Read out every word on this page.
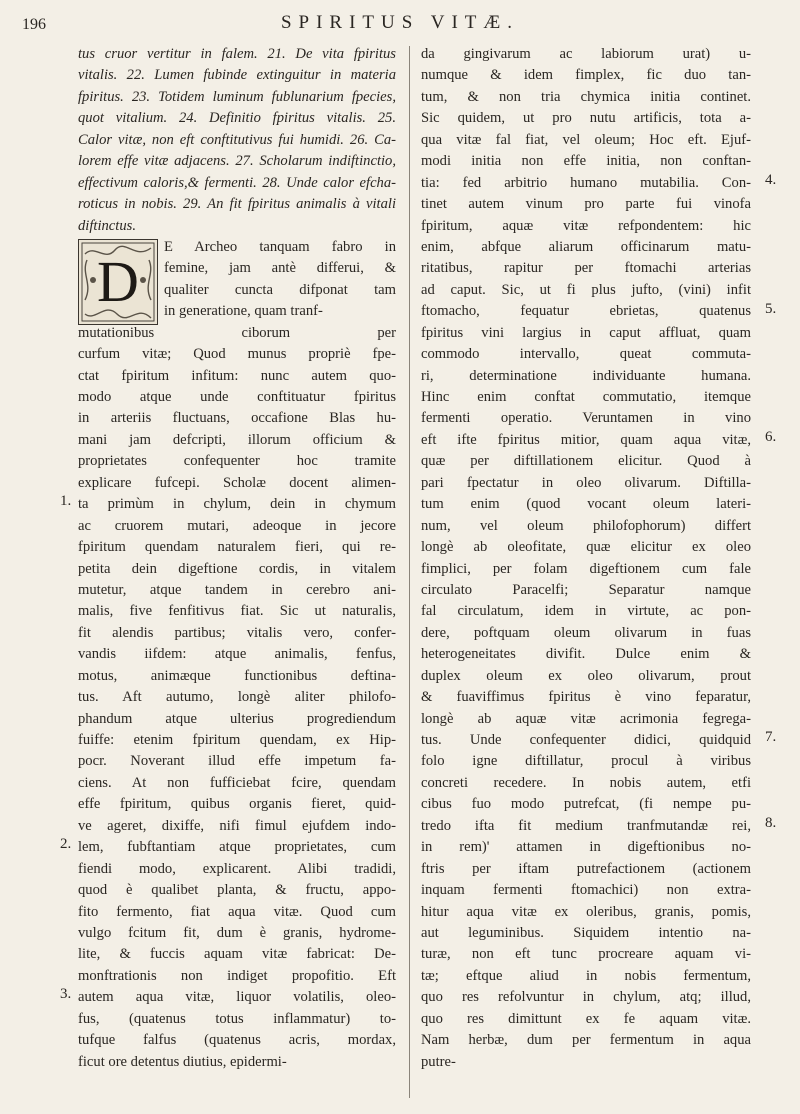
196	SPIRITUS VITÆ.
tus cruor vertitur in falem. 21. De vita fpiritus
vitalis. 22. Lumen fubinde extinguitur in materia
fpiritus. 23. Totidem luminum fublunarium fpecies,
quot vitalium. 24. Definitio fpiritus vitalis. 25.
Calor vitæ, non eft conftitutivus fui humidi. 26. Ca-
lorem effe vitæ adjacens. 27. Scholarum indiftinctio,
effectivum caloris,& fermenti. 28. Unde calor efcha-
roticus in nobis. 29. An fit fpiritus animalis à vitali
diftinctus.
D
E Archeo tanquam fabro in
femine, jam antè differui, &
qualiter cuncta difponat tam
in generatione, quam tranf-
mutationibus ciborum per
curfum vitæ; Quod munus propriè fpe-
ctat fpiritum infitum: nunc autem quo-
modo atque unde conftituatur fpiritus
in arteriis fluctuans, occafione Blas hu-
mani jam defcripti, illorum officium &
proprietates confequenter hoc tramite
explicare fufcepi. Scholæ docent alimen-
ta primùm in chylum, dein in chymum
ac cruorem mutari, adeoque in jecore
fpiritum quendam naturalem fieri, qui re-
petita dein digeftione cordis, in vitalem
mutetur, atque tandem in cerebro ani-
malis, five fenfitivus fiat. Sic ut naturalis,
fit alendis partibus; vitalis vero, confer-
vandis iifdem: atque animalis, fenfus,
motus, animæque functionibus deftina-
tus. Aft autumo, longè aliter philofo-
phandum atque ulterius progrediendum
fuiffe: etenim fpiritum quendam, ex Hip-
pocr. Noverant illud effe impetum fa-
ciens. At non fufficiebat fcire, quendam
effe fpiritum, quibus organis fieret, quid-
ve ageret, dixiffe, nifi fimul ejufdem indo-
lem, fubftantiam atque proprietates, cum
fiendi modo, explicarent. Alibi tradidi,
quod è qualibet planta, & fructu, appo-
fito fermento, fiat aqua vitæ. Quod cum
vulgo fcitum fit, dum è granis, hydrome-
lite, & fuccis aquam vitæ fabricat: De-
monftrationis non indiget propofitio. Eft
autem aqua vitæ, liquor volatilis, oleo-
fus, (quatenus totus inflammatur) to-
tufque falfus (quatenus acris, mordax,
ficut ore detentus diutius, epidermi-
da gingivarum ac labiorum urat) u-
numque & idem fimplex, fic duo tan-
tum, & non tria chymica initia continet.
Sic quidem, ut pro nutu artificis, tota a-
qua vitæ fal fiat, vel oleum; Hoc eft. Ejuf-
modi initia non effe initia, non conftan-
tia: fed arbitrio humano mutabilia. Con-
tinet autem vinum pro parte fui vinofa
fpiritum, aquæ vitæ refpondentem: hic
enim, abfque aliarum officinarum matu-
ritatibus, rapitur per ftomachi arterias
ad caput. Sic, ut fi plus jufto, (vini) infit
ftomacho, fequatur ebrietas, quatenus
fpiritus vini largius in caput affluat, quam
commodo intervallo, queat commuta-
ri, determinatione individuante humana.
Hinc enim conftat commutatio, itemque
fermenti operatio. Veruntamen in vino
eft ifte fpiritus mitior, quam aqua vitæ,
quæ per diftillationem elicitur. Quod à
pari fpectatur in oleo olivarum. Diftilla-
tum enim (quod vocant oleum lateri-
num, vel oleum philofophorum) differt
longè ab oleofitate, quæ elicitur ex oleo
fimplici, per folam digeftionem cum fale
circulato Paracelfi; Separatur namque
fal circulatum, idem in virtute, ac pon-
dere, poftquam oleum olivarum in fuas
heterogeneitates divifit. Dulce enim &
duplex oleum ex oleo olivarum, prout
& fuaviffimus fpiritus è vino feparatur,
longè ab aquæ vitæ acrimonia fegrega-
tus. Unde confequenter didici, quidquid
folo igne diftillatur, procul à viribus
concreti recedere. In nobis autem, etfi
cibus fuo modo putrefcat, (fi nempe pu-
tredo ifta fit medium tranfmutandæ rei,
in rem)' attamen in digeftionibus no-
ftris per iftam putrefactionem (actionem
inquam fermenti ftomachici) non extra-
hitur aqua vitæ ex oleribus, granis, pomis,
aut leguminibus. Siquidem intentio na-
turæ, non eft tunc procreare aquam vi-
tæ; eftque aliud in nobis fermentum,
quo res refolvuntur in chylum, atq; illud,
quo res dimittunt ex fe aquam vitæ.
Nam herbæ, dum per fermentum in aqua
putre-
1.
2.
3.
4.
5.
6.
7.
8.
